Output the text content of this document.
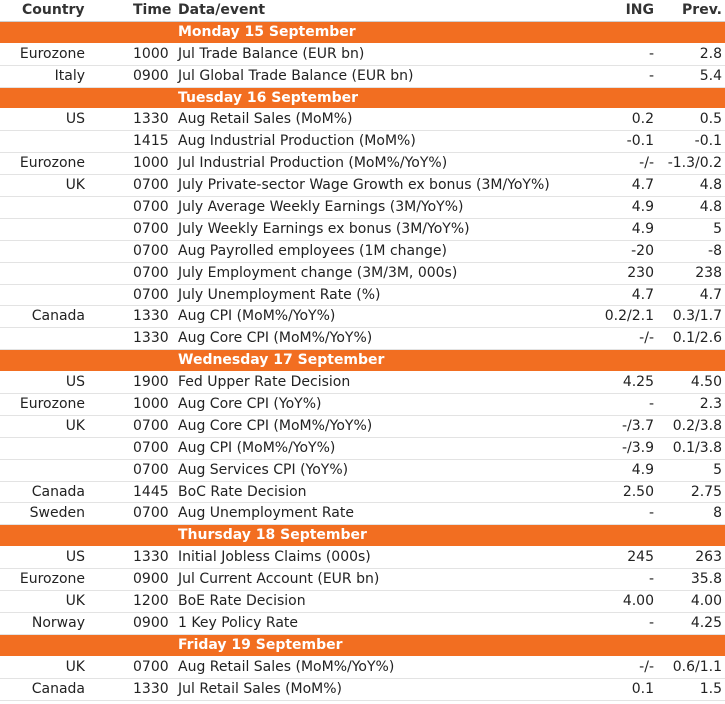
Country	Time Data/event	ING Prev.
Monday 15 September
Eurozone	1000 Jul Trade Balance (EUR bn)	-	2.8
Italy	0900 Jul Global Trade Balance (EUR bn)	-	5.4
Tuesday 16 September
US	1330 Aug Retail Sales (MoM%)	0.2	0.5
1415 Aug Industrial Production (MoM%)	-0.1	-0.1
Eurozone	1000 Jul Industrial Production (MoM%/YoY%)	-/- -1.3/0.2
UK	0700 July Private-sector Wage Growth ex bonus (3M/YoY%)	4.7	4.8
0700 July Average Weekly Earnings (3M/YoY%)	4.9	4.8
0700 July Weekly Earnings ex bonus (3M/YoY%)	4.9	5
0700 Aug Payrolled employees (1M change)	-20	-8
0700 July Employment change (3M/3M, 000s)	230	238
0700 July Unemployment Rate (%)	4.7	4.7
Canada	1330 Aug CPI (MoM%/YoY%)	0.2/2.1 0.3/1.7
1330 Aug Core CPI (MoM%/YoY%)	-/- 0.1/2.6
Wednesday 17 September
US	1900 Fed Upper Rate Decision	4.25	4.50
Eurozone	1000 Aug Core CPI (YoY%)	-	2.3
UK	0700 Aug Core CPI (MoM%/YoY%)	-/3.7 0.2/3.8
0700 Aug CPI (MoM%/YoY%)	-/3.9 0.1/3.8
0700 Aug Services CPI (YoY%)	4.9	5
Canada	1445 BoC Rate Decision	2.50	2.75
Sweden	0700 Aug Unemployment Rate	-	8
Thursday 18 September
US	1330 Initial Jobless Claims (000s)	245	263
Eurozone	0900 Jul Current Account (EUR bn)	-	35.8
UK	1200 BoE Rate Decision	4.00	4.00
Norway	0900 1 Key Policy Rate	-	4.25
Friday 19 September
UK	0700 Aug Retail Sales (MoM%/YoY%)	-/- 0.6/1.1
Canada	1330 Jul Retail Sales (MoM%)	0.1	1.5
